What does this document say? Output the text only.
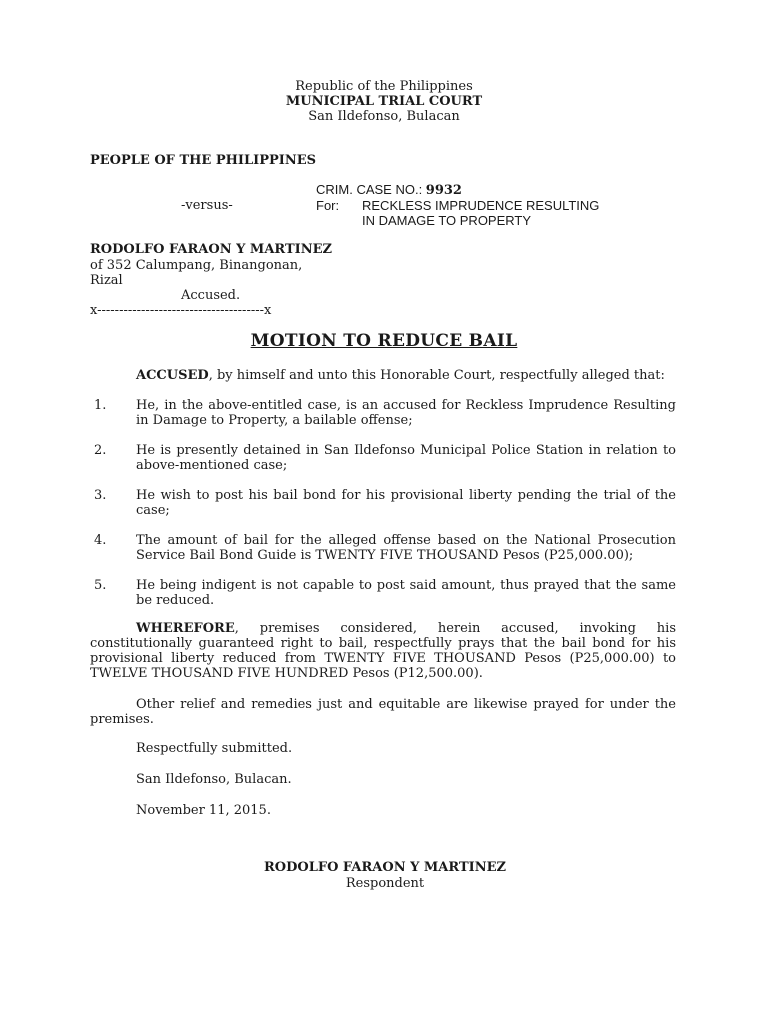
Republic of the Philippines
MUNICIPAL TRIAL COURT
San Ildefonso, Bulacan
PEOPLE OF THE PHILIPPINES
CRIM. CASE NO.: 9932
-versus-	For: RECKLESS IMPRUDENCE RESULTING
IN DAMAGE TO PROPERTY
RODOLFO FARAON Y MARTINEZ
of 352 Calumpang, Binangonan,
Rizal
Accused.
x--------------------------------------x
MOTION TO REDUCE BAIL
ACCUSED, by himself and unto this Honorable Court, respectfully alleged that:
1. He, in the above-entitled case, is an accused for Reckless Imprudence Resulting in Damage to Property, a bailable offense;
2. He is presently detained in San Ildefonso Municipal Police Station in relation to above-mentioned case;
3. He wish to post his bail bond for his provisional liberty pending the trial of the case;
4. The amount of bail for the alleged offense based on the National Prosecution Service Bail Bond Guide is TWENTY FIVE THOUSAND Pesos (P25,000.00);
5. He being indigent is not capable to post said amount, thus prayed that the same be reduced.
WHEREFORE, premises considered, herein accused, invoking his constitutionally guaranteed right to bail, respectfully prays that the bail bond for his provisional liberty reduced from TWENTY FIVE THOUSAND Pesos (P25,000.00) to TWELVE THOUSAND FIVE HUNDRED Pesos (P12,500.00).
Other relief and remedies just and equitable are likewise prayed for under the premises.
Respectfully submitted.
San Ildefonso, Bulacan.
November 11, 2015.
RODOLFO FARAON Y MARTINEZ
Respondent
